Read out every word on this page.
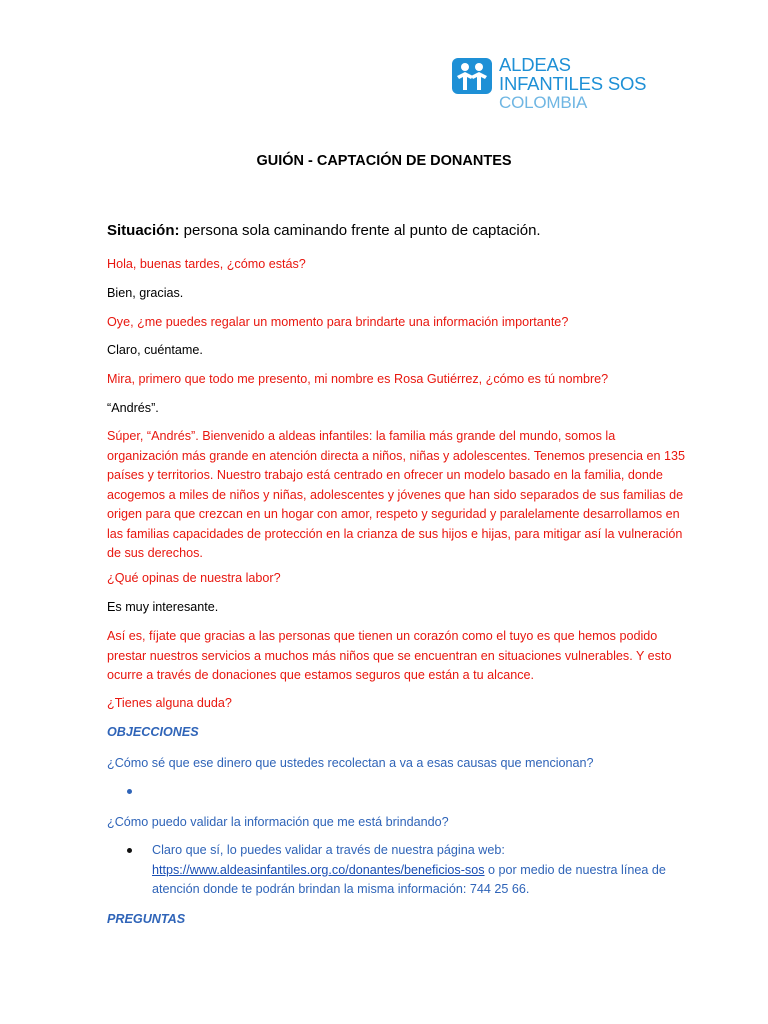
ALDEAS
INFANTILES SOS
COLOMBIA
GUIÓN - CAPTACIÓN DE DONANTES
Situación: persona sola caminando frente al punto de captación.
Hola, buenas tardes, ¿cómo estás?
Bien, gracias.
Oye, ¿me puedes regalar un momento para brindarte una información importante?
Claro, cuéntame.
Mira, primero que todo me presento, mi nombre es Rosa Gutiérrez, ¿cómo es tú nombre?
“Andrés”.
Súper, “Andrés”. Bienvenido a aldeas infantiles: la familia más grande del mundo, somos la organización más grande en atención directa a niños, niñas y adolescentes. Tenemos presencia en 135 países y territorios. Nuestro trabajo está centrado en ofrecer un modelo basado en la familia, donde acogemos a miles de niños y niñas, adolescentes y jóvenes que han sido separados de sus familias de origen para que crezcan en un hogar con amor, respeto y seguridad y paralelamente desarrollamos en las familias capacidades de protección en la crianza de sus hijos e hijas, para mitigar así la vulneración de sus derechos.
¿Qué opinas de nuestra labor?
Es muy interesante.
Así es, fíjate que gracias a las personas que tienen un corazón como el tuyo es que hemos podido prestar nuestros servicios a muchos más niños que se encuentran en situaciones vulnerables. Y esto ocurre a través de donaciones que estamos seguros que están a tu alcance.
¿Tienes alguna duda?
OBJECCIONES
¿Cómo sé que ese dinero que ustedes recolectan a va a esas causas que mencionan?
¿Cómo puedo validar la información que me está brindando?
Claro que sí, lo puedes validar a través de nuestra página web:
https://www.aldeasinfantiles.org.co/donantes/beneficios-sos o por medio de nuestra línea de atención donde te podrán brindan la misma información: 744 25 66.
PREGUNTAS
